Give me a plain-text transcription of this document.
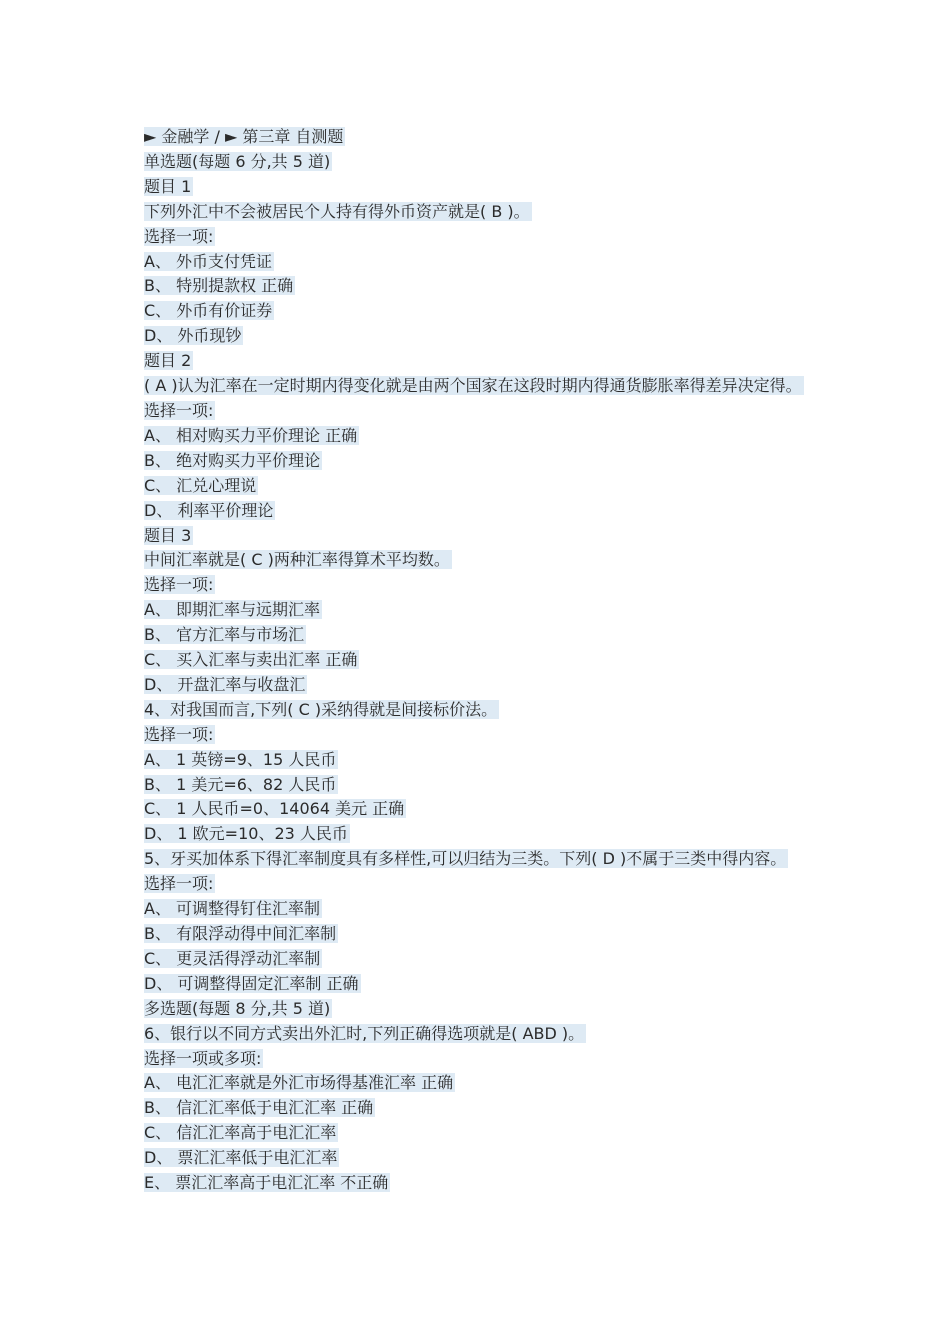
► 金融学 / ► 第三章 自测题
单选题(每题 6 分,共 5 道)
题目 1
下列外汇中不会被居民个人持有得外币资产就是( B )。
选择一项:
A、 外币支付凭证
B、 特别提款权 正确
C、 外币有价证券
D、 外币现钞
题目 2
( A )认为汇率在一定时期内得变化就是由两个国家在这段时期内得通货膨胀率得差异决定得。
选择一项:
A、 相对购买力平价理论 正确
B、 绝对购买力平价理论
C、 汇兑心理说
D、 利率平价理论
题目 3
中间汇率就是( C )两种汇率得算术平均数。
选择一项:
A、 即期汇率与远期汇率
B、 官方汇率与市场汇
C、 买入汇率与卖出汇率 正确
D、 开盘汇率与收盘汇
4、对我国而言,下列( C )采纳得就是间接标价法。
选择一项:
A、 1 英镑=9、15 人民币
B、 1 美元=6、82 人民币
C、 1 人民币=0、14064 美元 正确
D、 1 欧元=10、23 人民币
5、牙买加体系下得汇率制度具有多样性,可以归结为三类。下列( D )不属于三类中得内容。
选择一项:
A、 可调整得钉住汇率制
B、 有限浮动得中间汇率制
C、 更灵活得浮动汇率制
D、 可调整得固定汇率制 正确
多选题(每题 8 分,共 5 道)
6、银行以不同方式卖出外汇时,下列正确得选项就是( ABD )。
选择一项或多项:
A、 电汇汇率就是外汇市场得基准汇率 正确
B、 信汇汇率低于电汇汇率 正确
C、 信汇汇率高于电汇汇率
D、 票汇汇率低于电汇汇率
E、 票汇汇率高于电汇汇率 不正确
